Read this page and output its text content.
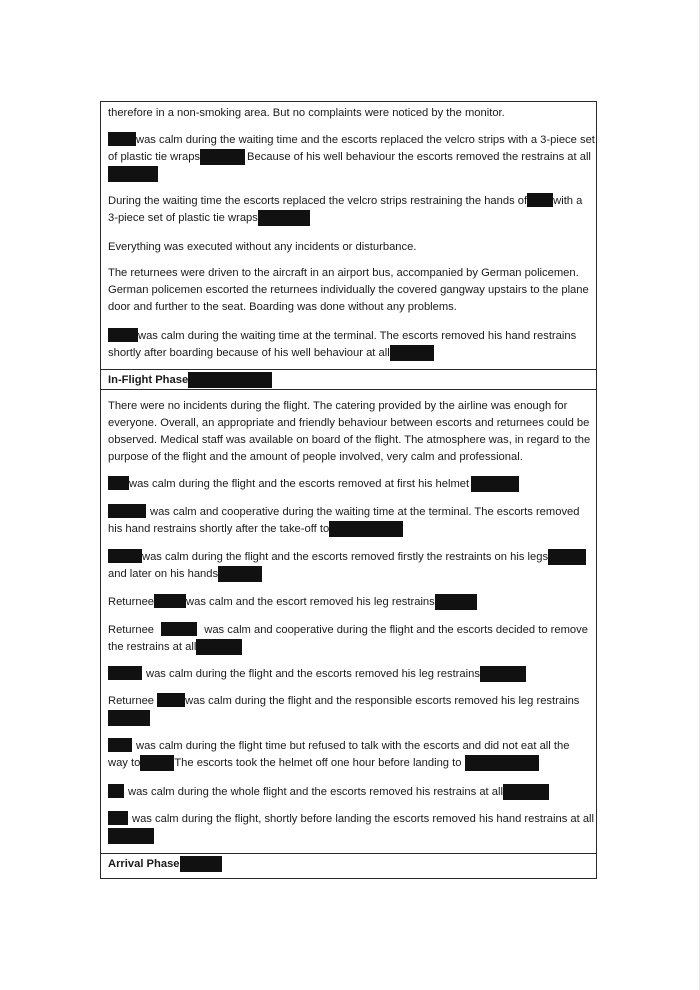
therefore in a non-smoking area. But no complaints were noticed by the monitor.
was calm during the waiting time and the escorts replaced the velcro strips with a 3-piece set
of plastic tie wraps	Because of his well behaviour the escorts removed the restrains at all
During the waiting time the escorts replaced the velcro strips restraining the hands of with a
3-piece set of plastic tie wraps
Everything was executed without any incidents or disturbance.
The returnees were driven to the aircraft in an airport bus, accompanied by German policemen.
German policemen escorted the returnees individually the covered gangway upstairs to the plane
door and further to the seat. Boarding was done without any problems.
was calm during the waiting time at the terminal. The escorts removed his hand restrains
shortly after boarding because of his well behaviour at all
In-Flight Phase
There were no incidents during the flight. The catering provided by the airline was enough for
everyone. Overall, an appropriate and friendly behaviour between escorts and returnees could be
observed. Medical staff was available on board of the flight. The atmosphere was, in regard to the
purpose of the flight and the amount of people involved, very calm and professional.
was calm during the flight and the escorts removed at first his helmet
was calm and cooperative during the waiting time at the terminal. The escorts removed
his hand restrains shortly after the take-off to
was calm during the flight and the escorts removed firstly the restraints on his legs
and later on his hands
Returnee	was calm and the escort removed his leg restrains
Returnee	was calm and cooperative during the flight and the escorts decided to remove
the restrains at all
was calm during the flight and the escorts removed his leg restrains
Returnee	was calm during the flight and the responsible escorts removed his leg restrains
was calm during the flight time but refused to talk with the escorts and did not eat all the
way to	The escorts took the helmet off one hour before landing to
was calm during the whole flight and the escorts removed his restrains at all
was calm during the flight, shortly before landing the escorts removed his hand restrains at all
Arrival Phase
